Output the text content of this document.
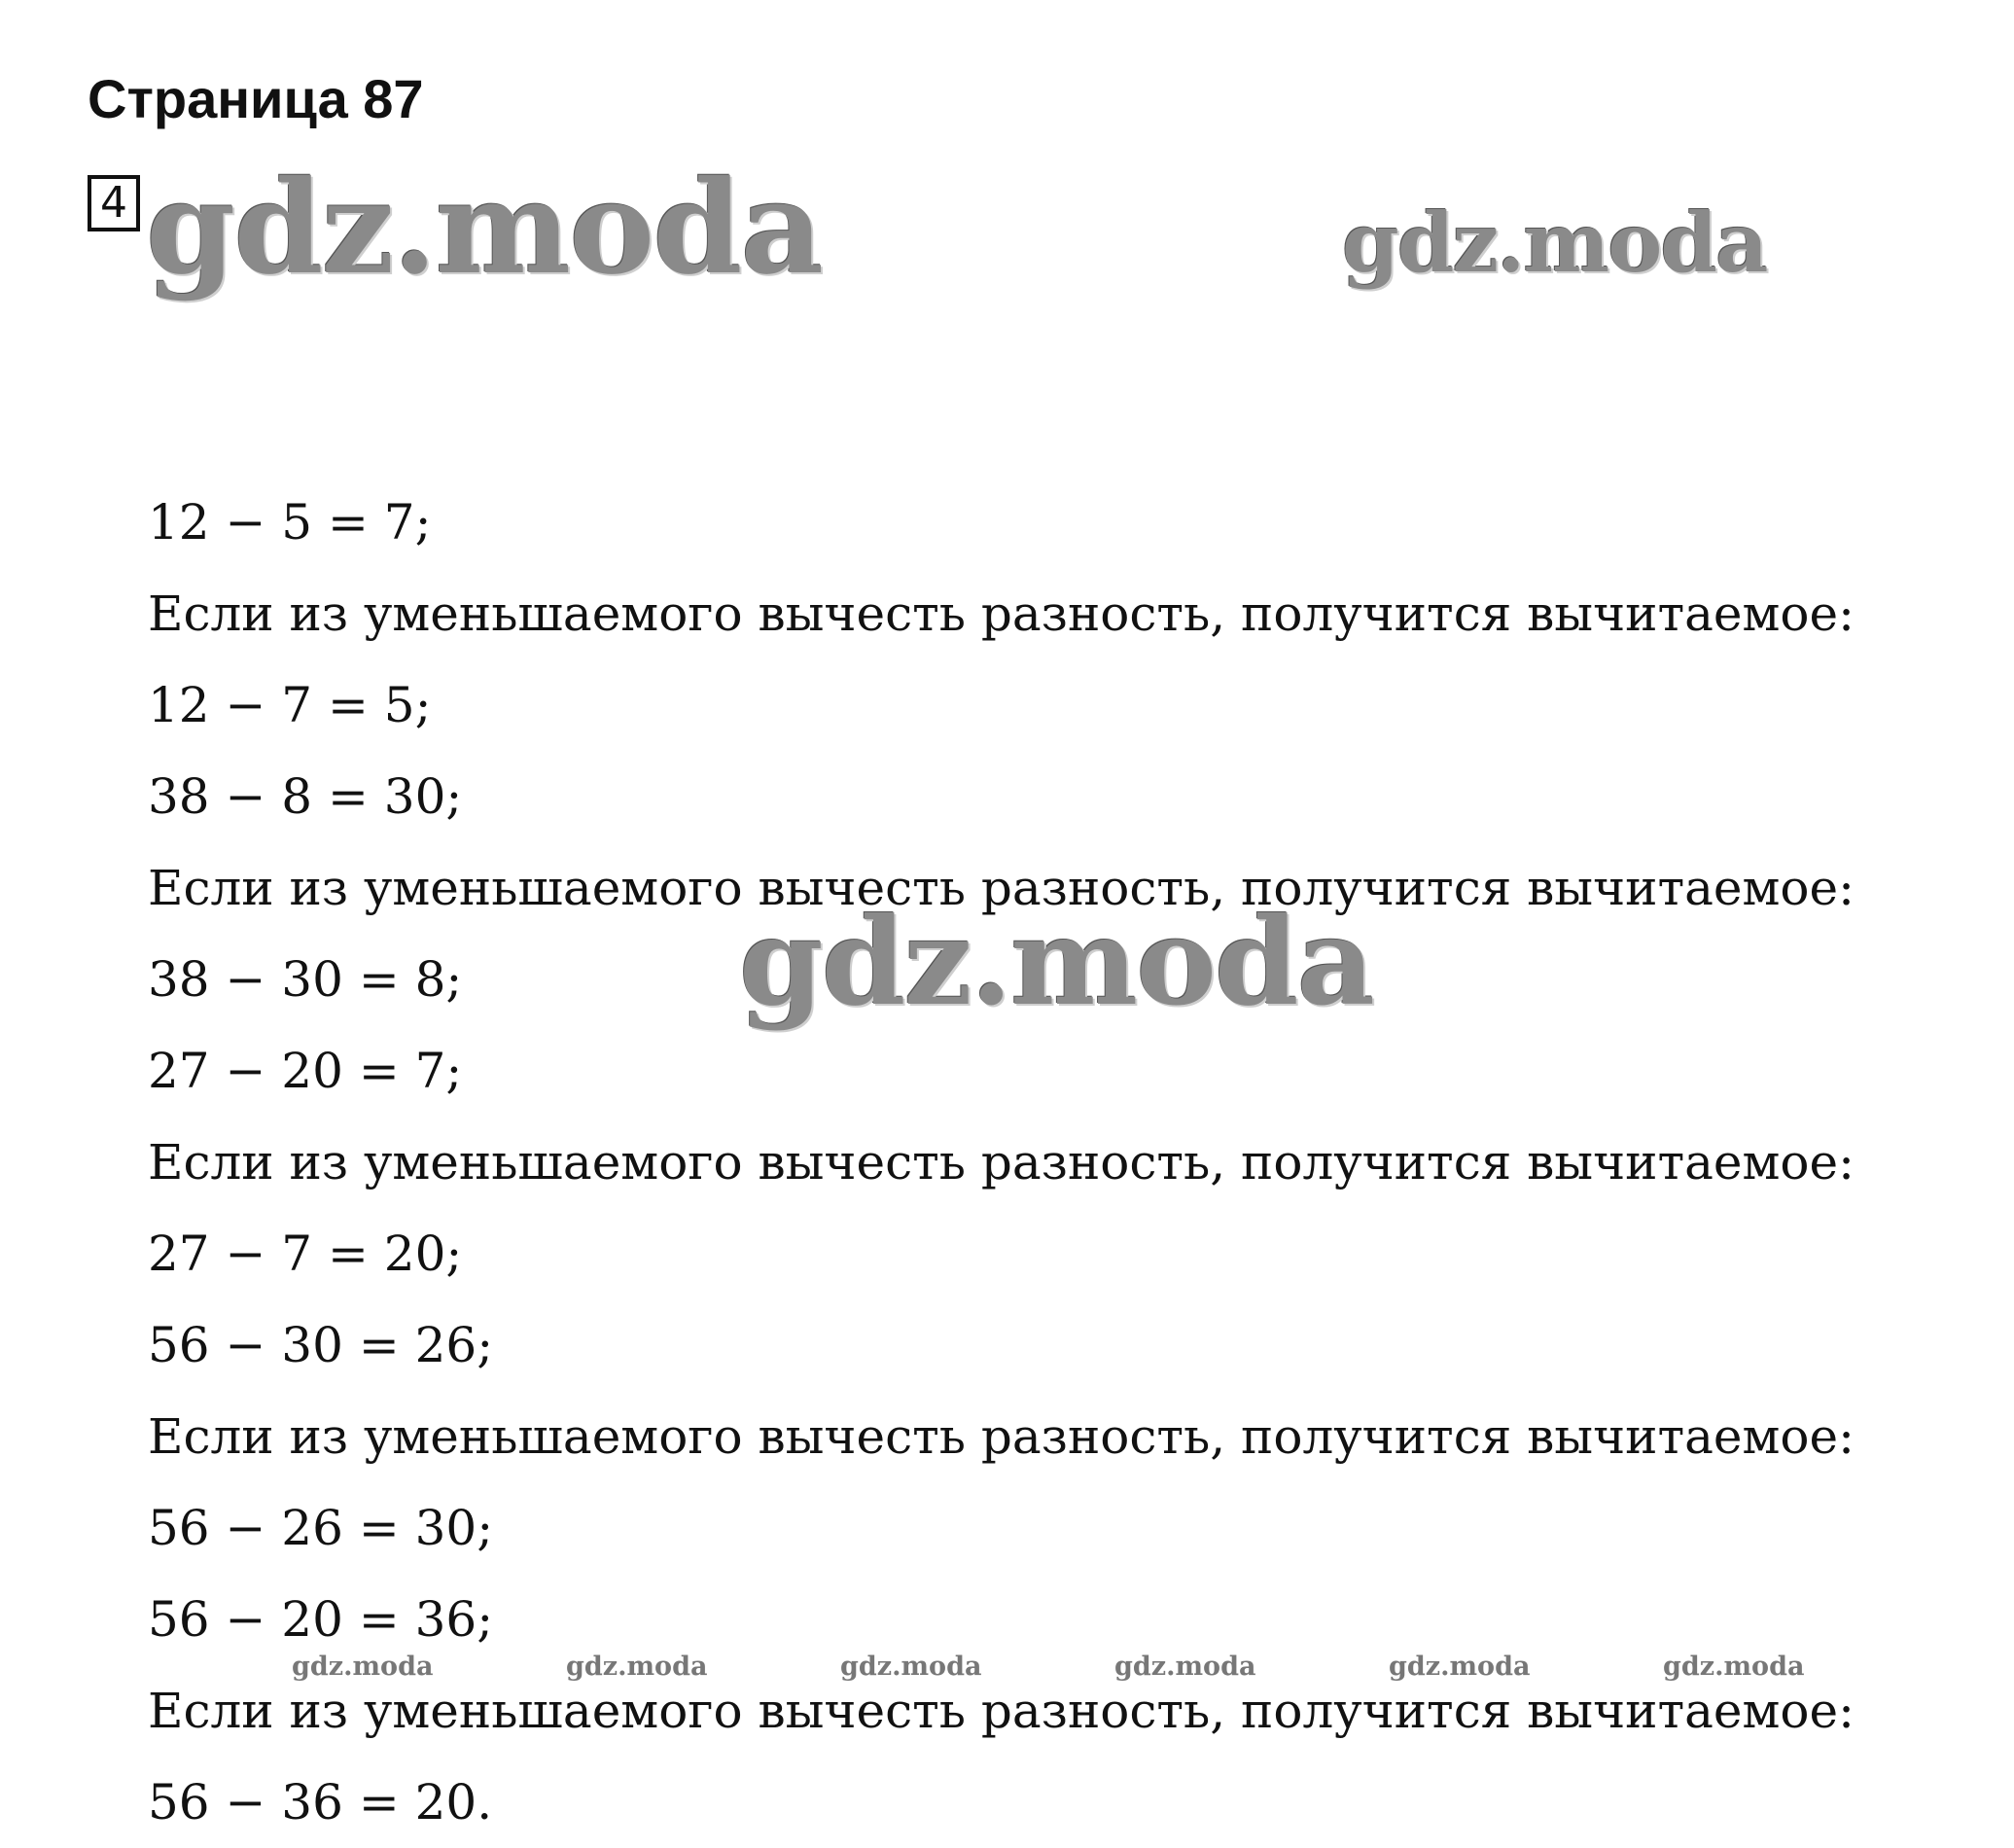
Страница 87
4 gdz.moda	gdz.moda
12 − 5 = 7;
Если из уменьшаемого вычесть разность, получится вычитаемое:
12 − 7 = 5;
38 − 8 = 30;
Если из уменьшаемого вычесть разность, получится вычитаемое:
38 − 30 = 8;
27 − 20 = 7;
Если из уменьшаемого вычесть разность, получится вычитаемое:
27 − 7 = 20;
56 − 30 = 26;
Если из уменьшаемого вычесть разность, получится вычитаемое:
56 − 26 = 30;
56 − 20 = 36;
Если из уменьшаемого вычесть разность, получится вычитаемое:
56 − 36 = 20.
gdz.moda
gdz.moda	gdz.moda	gdz.moda	gdz.moda	gdz.moda	gdz.moda
